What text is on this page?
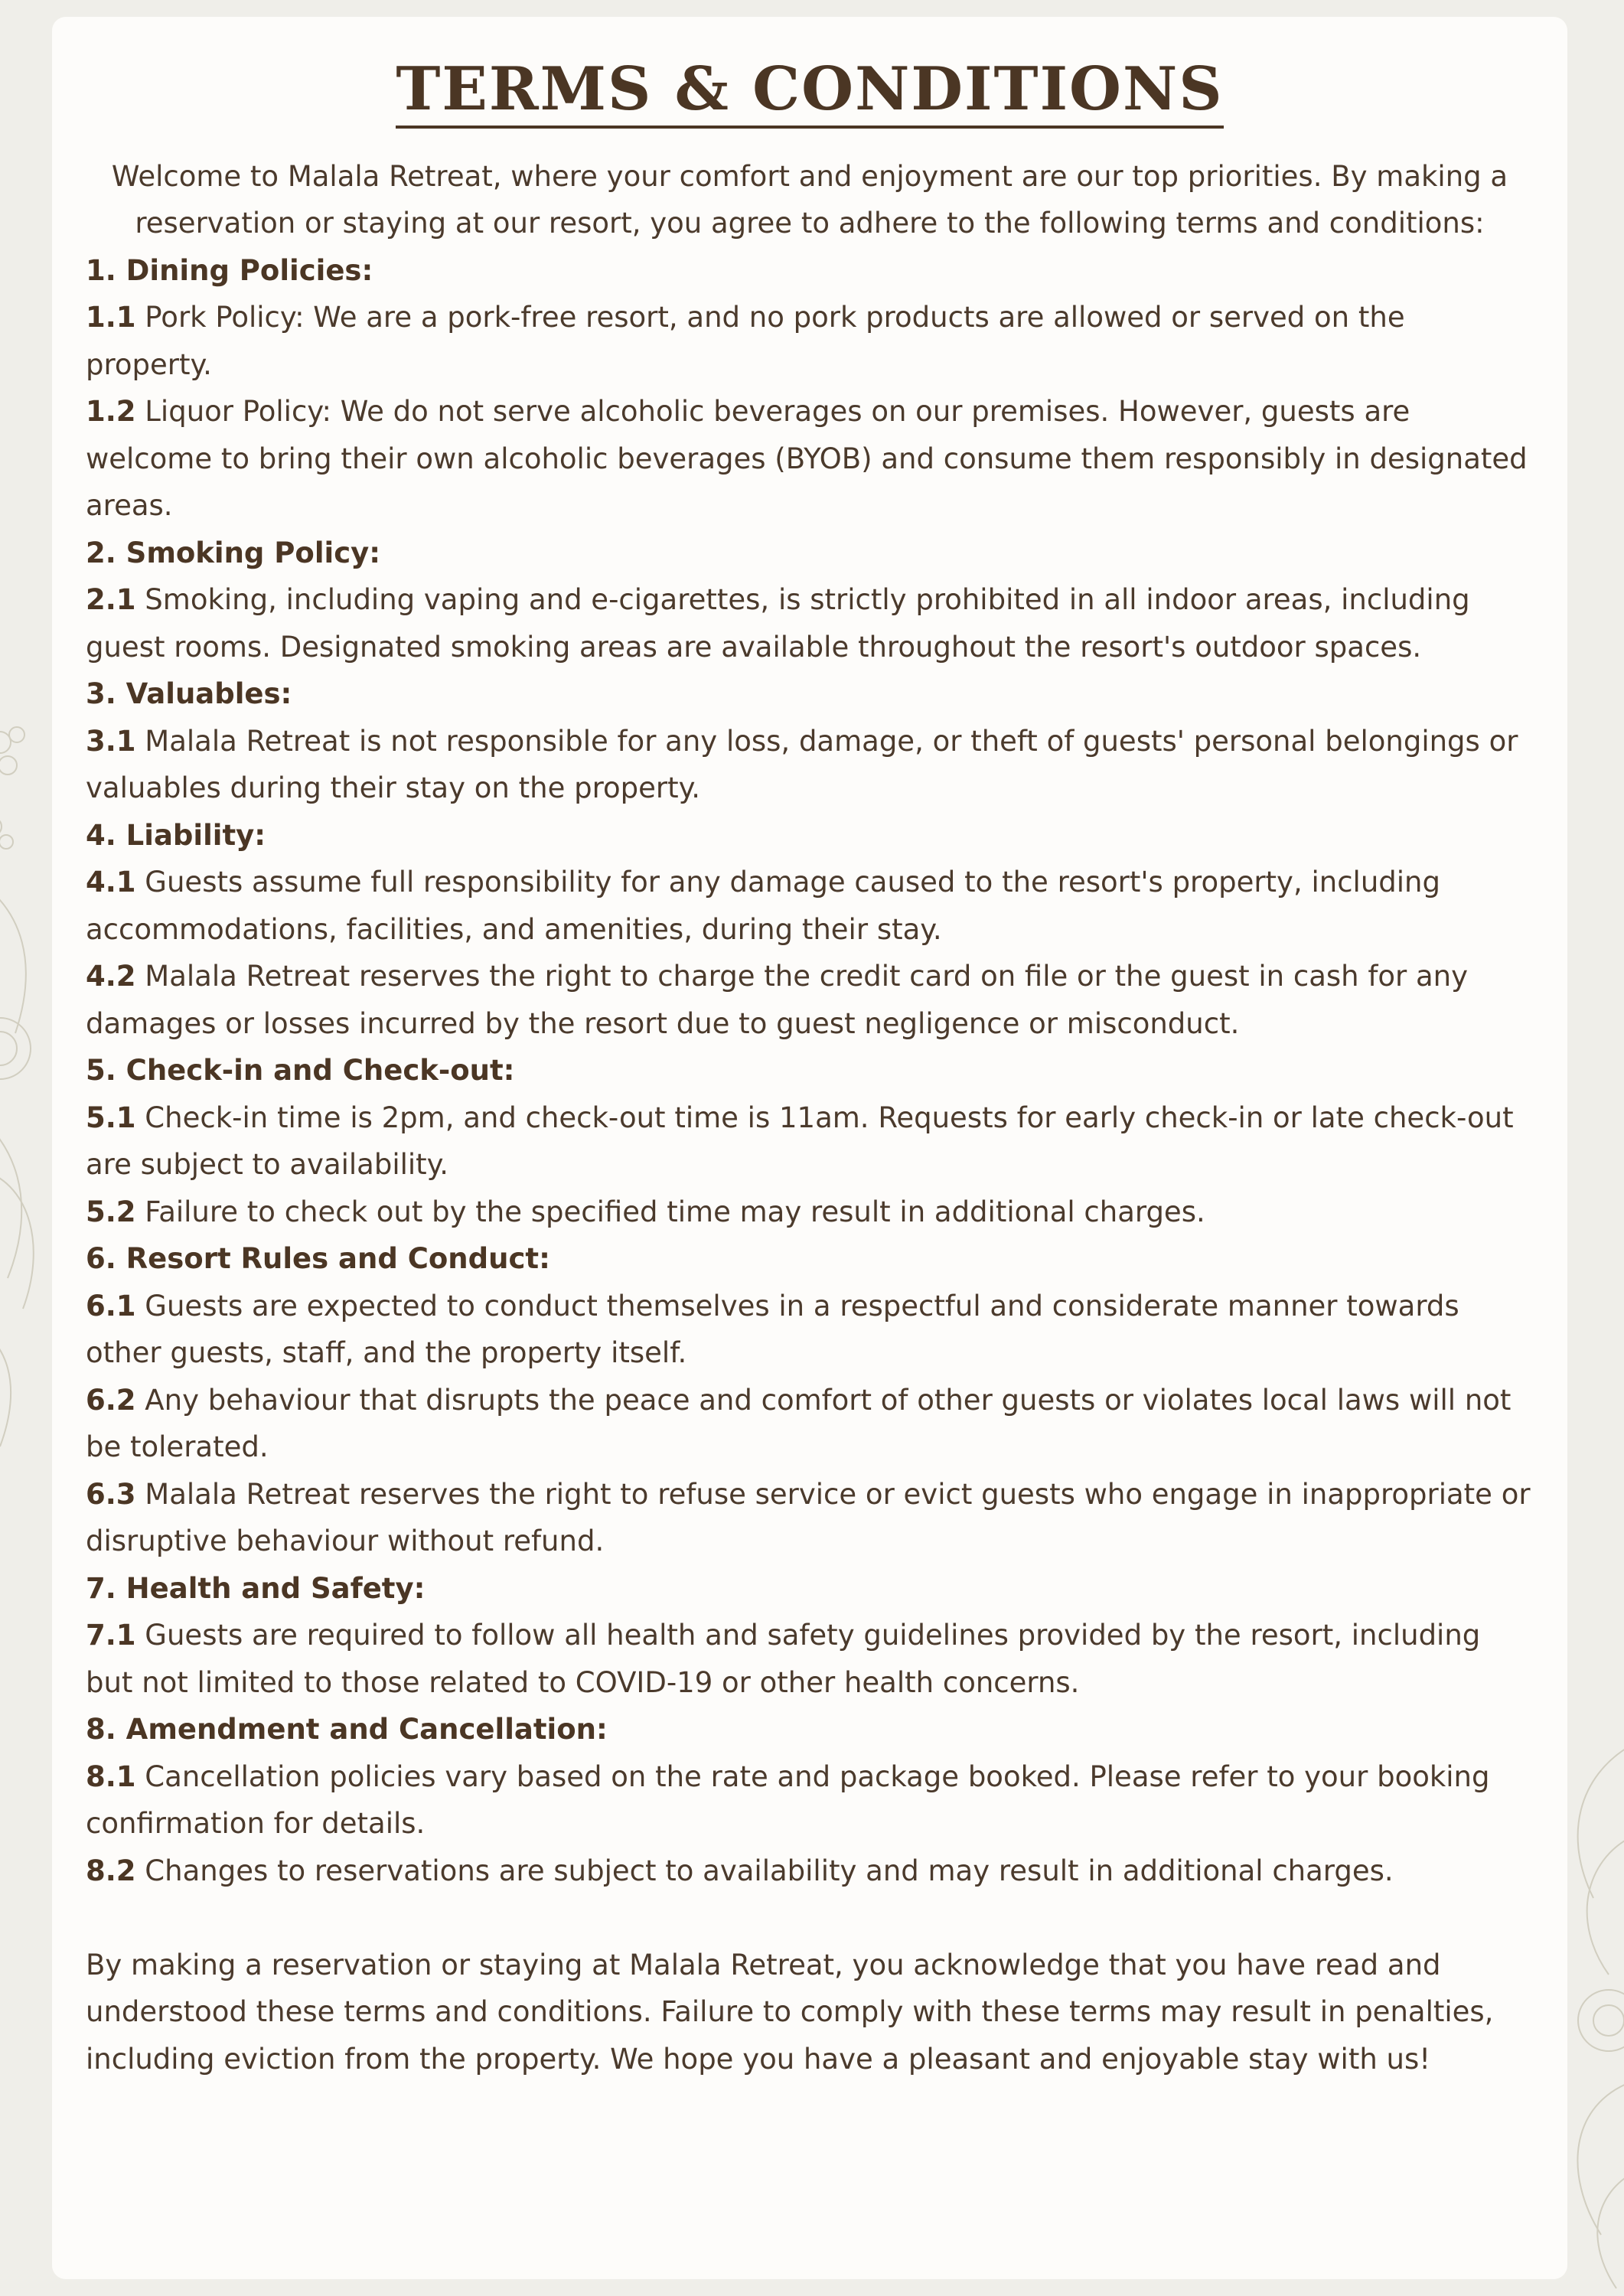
TERMS & CONDITIONS

Welcome to Malala Retreat, where your comfort and enjoyment are our top priorities. By making a reservation or staying at our resort, you agree to adhere to the following terms and conditions:

1. Dining Policies:
1.1 Pork Policy: We are a pork-free resort, and no pork products are allowed or served on the property.
1.2 Liquor Policy: We do not serve alcoholic beverages on our premises. However, guests are welcome to bring their own alcoholic beverages (BYOB) and consume them responsibly in designated areas.
2. Smoking Policy:
2.1 Smoking, including vaping and e-cigarettes, is strictly prohibited in all indoor areas, including guest rooms. Designated smoking areas are available throughout the resort's outdoor spaces.
3. Valuables:
3.1 Malala Retreat is not responsible for any loss, damage, or theft of guests' personal belongings or valuables during their stay on the property.
4. Liability:
4.1 Guests assume full responsibility for any damage caused to the resort's property, including accommodations, facilities, and amenities, during their stay.
4.2 Malala Retreat reserves the right to charge the credit card on file or the guest in cash for any damages or losses incurred by the resort due to guest negligence or misconduct.
5. Check-in and Check-out:
5.1 Check-in time is 2pm, and check-out time is 11am. Requests for early check-in or late check-out are subject to availability.
5.2 Failure to check out by the specified time may result in additional charges.
6. Resort Rules and Conduct:
6.1 Guests are expected to conduct themselves in a respectful and considerate manner towards other guests, staff, and the property itself.
6.2 Any behaviour that disrupts the peace and comfort of other guests or violates local laws will not be tolerated.
6.3 Malala Retreat reserves the right to refuse service or evict guests who engage in inappropriate or disruptive behaviour without refund.
7. Health and Safety:
7.1 Guests are required to follow all health and safety guidelines provided by the resort, including but not limited to those related to COVID-19 or other health concerns.
8. Amendment and Cancellation:
8.1 Cancellation policies vary based on the rate and package booked. Please refer to your booking confirmation for details.
8.2 Changes to reservations are subject to availability and may result in additional charges.

By making a reservation or staying at Malala Retreat, you acknowledge that you have read and understood these terms and conditions. Failure to comply with these terms may result in penalties, including eviction from the property. We hope you have a pleasant and enjoyable stay with us!
